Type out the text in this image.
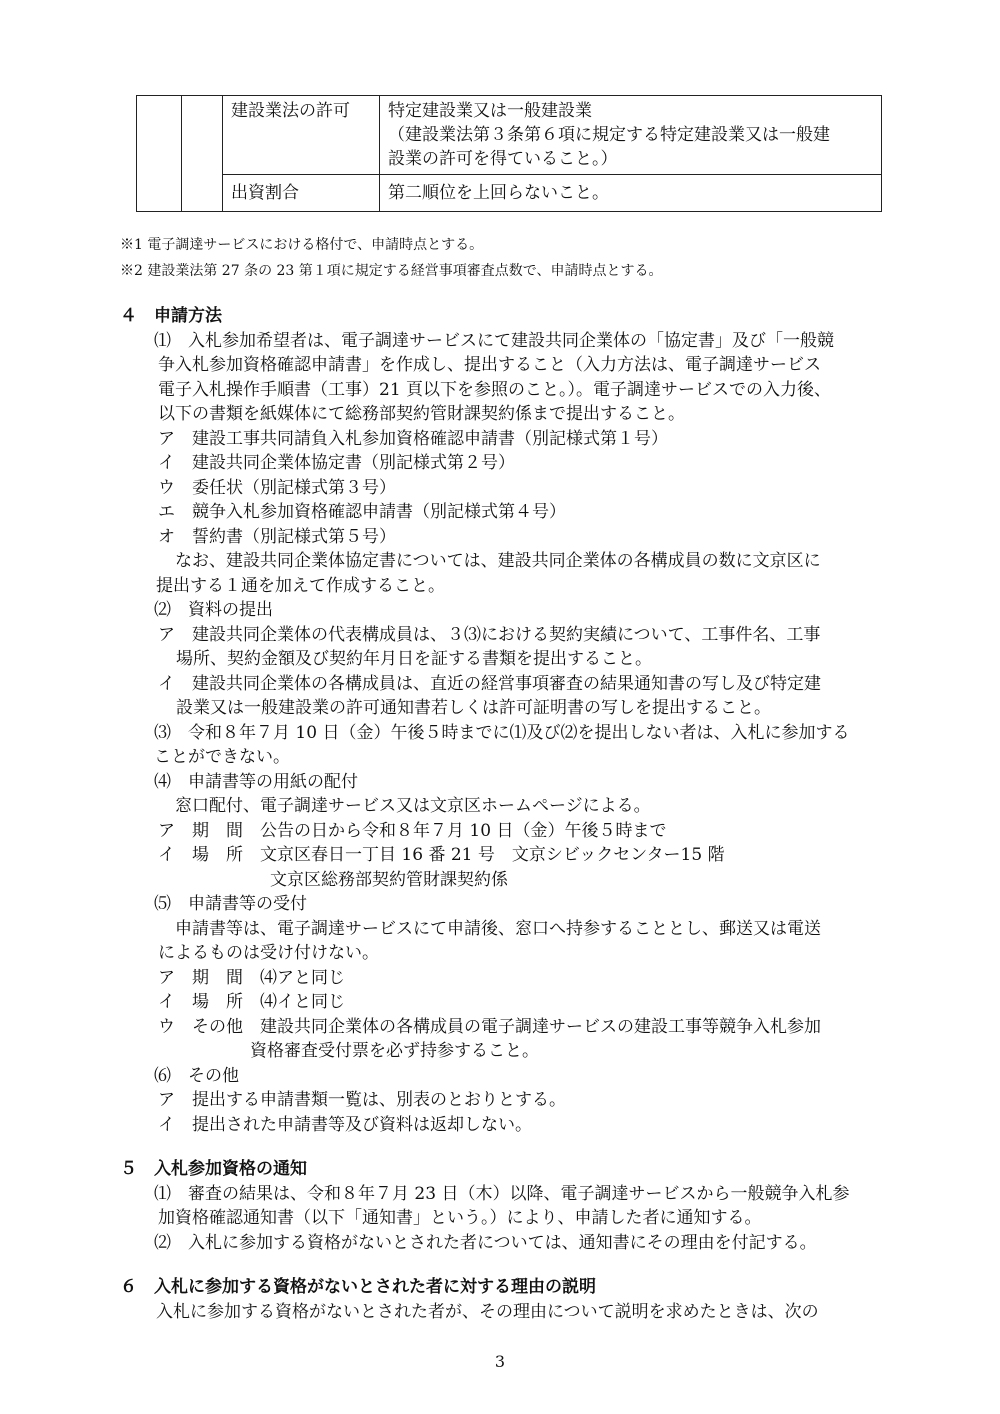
		建設業法の許可	特定建設業又は一般建設業
（建設業法第３条第６項に規定する特定建設業又は一般建
設業の許可を得ていること。）

		出資割合	第二順位を上回らないこと。
※1 電子調達サービスにおける格付で、申請時点とする。
※2 建設業法第 27 条の 23 第１項に規定する経営事項審査点数で、申請時点とする。
４　申請方法
⑴　入札参加希望者は、電子調達サービスにて建設共同企業体の「協定書」及び「一般競
争入札参加資格確認申請書」を作成し、提出すること（入力方法は、電子調達サービス
電子入札操作手順書（工事）21 頁以下を参照のこと。）。電子調達サービスでの入力後、
以下の書類を紙媒体にて総務部契約管財課契約係まで提出すること。
ア　建設工事共同請負入札参加資格確認申請書（別記様式第１号）
イ　建設共同企業体協定書（別記様式第２号）
ウ　委任状（別記様式第３号）
エ　競争入札参加資格確認申請書（別記様式第４号）
オ　誓約書（別記様式第５号）
なお、建設共同企業体協定書については、建設共同企業体の各構成員の数に文京区に
提出する１通を加えて作成すること。
⑵　資料の提出
ア　建設共同企業体の代表構成員は、３⑶における契約実績について、工事件名、工事
場所、契約金額及び契約年月日を証する書類を提出すること。
イ　建設共同企業体の各構成員は、直近の経営事項審査の結果通知書の写し及び特定建
設業又は一般建設業の許可通知書若しくは許可証明書の写しを提出すること。
⑶　令和８年７月 10 日（金）午後５時までに⑴及び⑵を提出しない者は、入札に参加する
ことができない。
⑷　申請書等の用紙の配付
窓口配付、電子調達サービス又は文京区ホームページによる。
ア　期　間　公告の日から令和８年７月 10 日（金）午後５時まで
イ　場　所　文京区春日一丁目 16 番 21 号　文京シビックセンター15 階
文京区総務部契約管財課契約係
⑸　申請書等の受付
申請書等は、電子調達サービスにて申請後、窓口へ持参することとし、郵送又は電送
によるものは受け付けない。
ア　期　間　⑷アと同じ
イ　場　所　⑷イと同じ
ウ　その他　建設共同企業体の各構成員の電子調達サービスの建設工事等競争入札参加
資格審査受付票を必ず持参すること。
⑹　その他
ア　提出する申請書類一覧は、別表のとおりとする。
イ　提出された申請書等及び資料は返却しない。
５　入札参加資格の通知
⑴　審査の結果は、令和８年７月 23 日（木）以降、電子調達サービスから一般競争入札参
加資格確認通知書（以下「通知書」という。）により、申請した者に通知する。
⑵　入札に参加する資格がないとされた者については、通知書にその理由を付記する。
６　入札に参加する資格がないとされた者に対する理由の説明
入札に参加する資格がないとされた者が、その理由について説明を求めたときは、次の
3
